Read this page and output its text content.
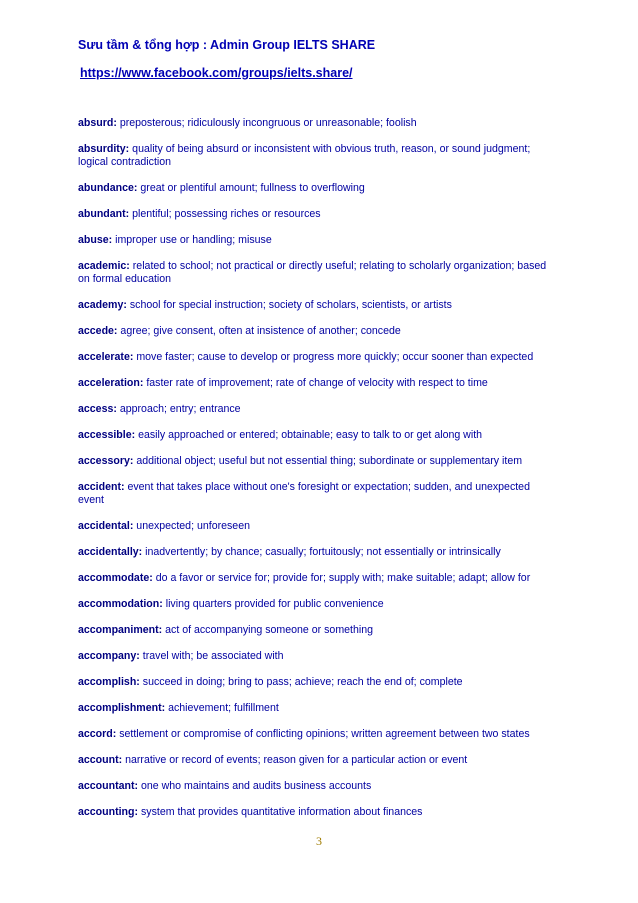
Sưu tầm & tổng hợp : Admin Group IELTS SHARE
https://www.facebook.com/groups/ielts.share/
absurd: preposterous; ridiculously incongruous or unreasonable; foolish
absurdity: quality of being absurd or inconsistent with obvious truth, reason, or sound judgment; logical contradiction
abundance: great or plentiful amount; fullness to overflowing
abundant: plentiful; possessing riches or resources
abuse: improper use or handling; misuse
academic: related to school; not practical or directly useful; relating to scholarly organization; based on formal education
academy: school for special instruction; society of scholars, scientists, or artists
accede: agree; give consent, often at insistence of another; concede
accelerate: move faster; cause to develop or progress more quickly; occur sooner than expected
acceleration: faster rate of improvement; rate of change of velocity with respect to time
access: approach; entry; entrance
accessible: easily approached or entered; obtainable; easy to talk to or get along with
accessory: additional object; useful but not essential thing; subordinate or supplementary item
accident: event that takes place without one's foresight or expectation; sudden, and unexpected event
accidental: unexpected; unforeseen
accidentally: inadvertently; by chance; casually; fortuitously; not essentially or intrinsically
accommodate: do a favor or service for; provide for; supply with; make suitable; adapt; allow for
accommodation: living quarters provided for public convenience
accompaniment: act of accompanying someone or something
accompany: travel with; be associated with
accomplish: succeed in doing; bring to pass; achieve; reach the end of; complete
accomplishment: achievement; fulfillment
accord: settlement or compromise of conflicting opinions; written agreement between two states
account: narrative or record of events; reason given for a particular action or event
accountant: one who maintains and audits business accounts
accounting: system that provides quantitative information about finances
3
